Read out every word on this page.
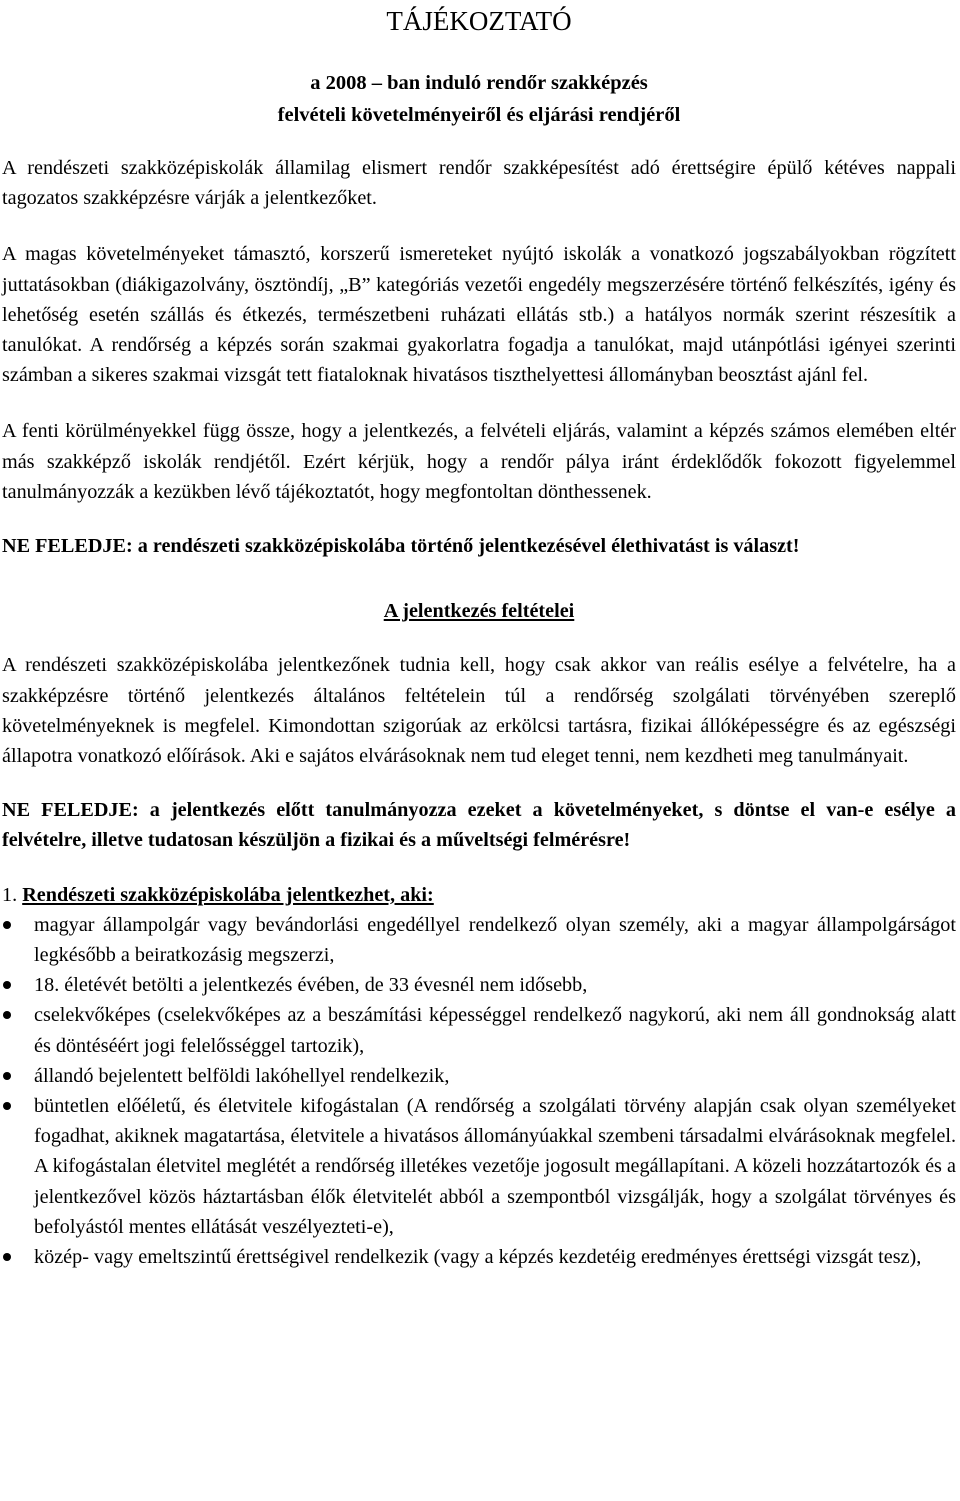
TÁJÉKOZTATÓ
a 2008 – ban induló rendőr szakképzés
felvételi követelményeiről és eljárási rendjéről

A rendészeti szakközépiskolák államilag elismert rendőr szakképesítést adó érettségire épülő kétéves nappali tagozatos szakképzésre várják a jelentkezőket.

A magas követelményeket támasztó, korszerű ismereteket nyújtó iskolák a vonatkozó jogszabályokban rögzített juttatásokban (diákigazolvány, ösztöndíj, „B” kategóriás vezetői engedély megszerzésére történő felkészítés, igény és lehetőség esetén szállás és étkezés, természetbeni ruházati ellátás stb.) a hatályos normák szerint részesítik a tanulókat. A rendőrség a képzés során szakmai gyakorlatra fogadja a tanulókat, majd utánpótlási igényei szerinti számban a sikeres szakmai vizsgát tett fiataloknak hivatásos tiszthelyettesi állományban beosztást ajánl fel.

A fenti körülményekkel függ össze, hogy a jelentkezés, a felvételi eljárás, valamint a képzés számos elemében eltér más szakképző iskolák rendjétől. Ezért kérjük, hogy a rendőr pálya iránt érdeklődők fokozott figyelemmel tanulmányozzák a kezükben lévő tájékoztatót, hogy megfontoltan dönthessenek.

NE FELEDJE: a rendészeti szakközépiskolába történő jelentkezésével élethivatást is választ!

A jelentkezés feltételei

A rendészeti szakközépiskolába jelentkezőnek tudnia kell, hogy csak akkor van reális esélye a felvételre, ha a szakképzésre történő jelentkezés általános feltételein túl a rendőrség szolgálati törvényében szereplő követelményeknek is megfelel. Kimondottan szigorúak az erkölcsi tartásra, fizikai állóképességre és az egészségi állapotra vonatkozó előírások. Aki e sajátos elvárásoknak nem tud eleget tenni, nem kezdheti meg tanulmányait.

NE FELEDJE: a jelentkezés előtt tanulmányozza ezeket a követelményeket, s döntse el van-e esélye a felvételre, illetve tudatosan készüljön a fizikai és a műveltségi felmérésre!

1. Rendészeti szakközépiskolába jelentkezhet, aki:
magyar állampolgár vagy bevándorlási engedéllyel rendelkező olyan személy, aki a magyar állampolgárságot legkésőbb a beiratkozásig megszerzi,
18. életévét betölti a jelentkezés évében, de 33 évesnél nem idősebb,
cselekvőképes (cselekvőképes az a beszámítási képességgel rendelkező nagykorú, aki nem áll gondnokság alatt és döntéséért jogi felelősséggel tartozik),
állandó bejelentett belföldi lakóhellyel rendelkezik,
büntetlen előéletű, és életvitele kifogástalan (A rendőrség a szolgálati törvény alapján csak olyan személyeket fogadhat, akiknek magatartása, életvitele a hivatásos állományúakkal szembeni társadalmi elvárásoknak megfelel. A kifogástalan életvitel meglétét a rendőrség illetékes vezetője jogosult megállapítani. A közeli hozzátartozók és a jelentkezővel közös háztartásban élők életvitelét abból a szempontból vizsgálják, hogy a szolgálat törvényes és befolyástól mentes ellátását veszélyezteti-e),
közép- vagy emeltszintű érettségivel rendelkezik (vagy a képzés kezdetéig eredményes érettségi vizsgát tesz),
